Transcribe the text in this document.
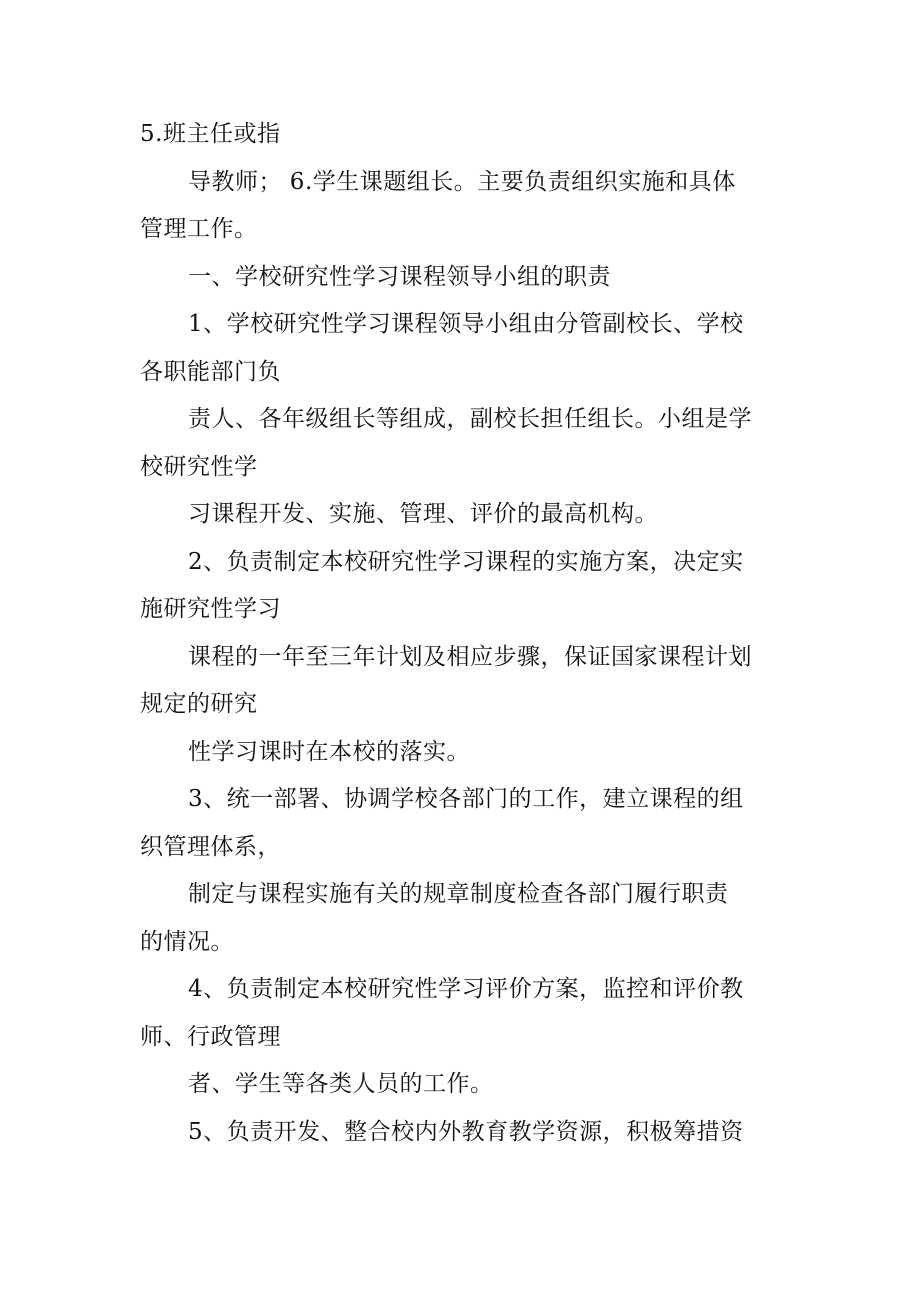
5.班主任或指

导教师； 6.学生课题组长。主要负责组织实施和具体

管理工作。

一、学校研究性学习课程领导小组的职责

1、学校研究性学习课程领导小组由分管副校长、学校

各职能部门负

责人、各年级组长等组成，副校长担任组长。小组是学

校研究性学

习课程开发、实施、管理、评价的最高机构。

2、负责制定本校研究性学习课程的实施方案，决定实

施研究性学习

课程的一年至三年计划及相应步骤，保证国家课程计划

规定的研究

性学习课时在本校的落实。

3、统一部署、协调学校各部门的工作，建立课程的组

织管理体系，

制定与课程实施有关的规章制度检查各部门履行职责

的情况。

4、负责制定本校研究性学习评价方案，监控和评价教

师、行政管理

者、学生等各类人员的工作。

5、负责开发、整合校内外教育教学资源，积极筹措资
